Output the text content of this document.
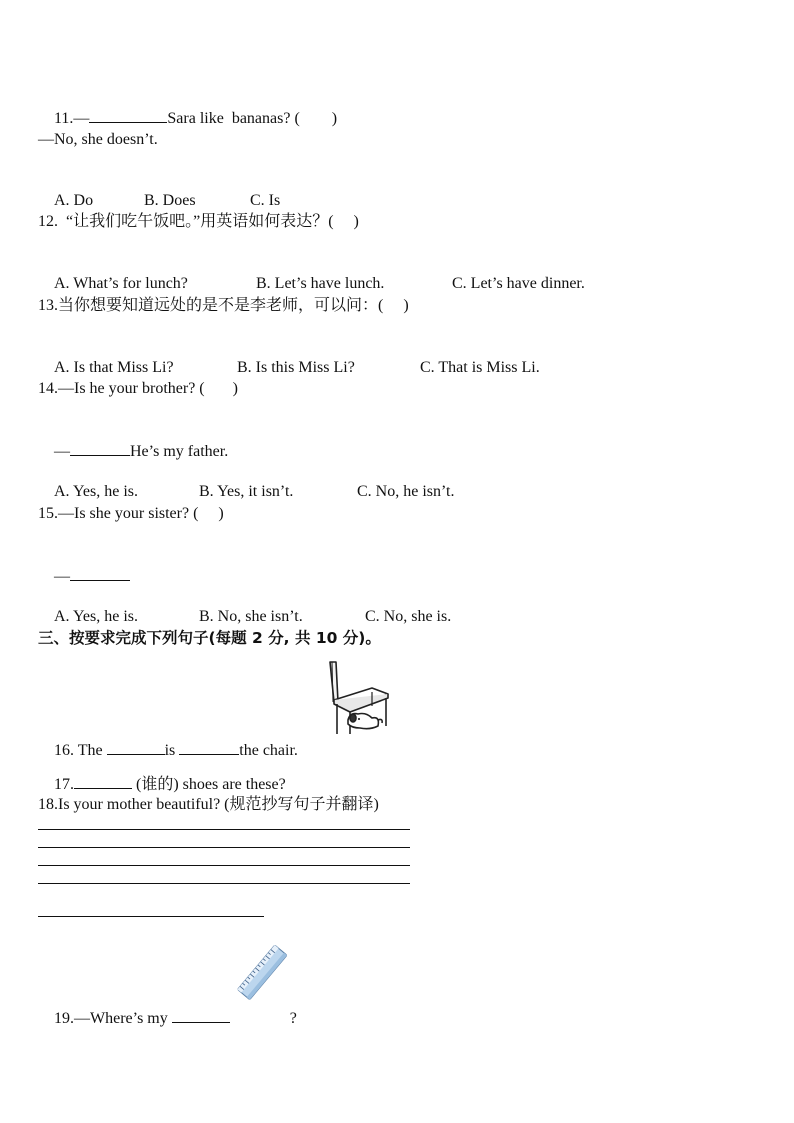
11.—	Sara like  bananas? (        )

—No, she doesn’t.

A. Do	B. Does	C. Is

12.  “让我们吃午饭吧。”用英语如何表达？(     )

A. What’s for lunch?	B. Let’s have lunch.	C. Let’s have dinner.

13.当你想要知道远处的是不是李老师，可以问：(     )

A. Is that Miss Li?	B. Is this Miss Li?	C. That is Miss Li.

14.—Is he your brother? (       )

—	He’s my father.

A. Yes, he is.	B. Yes, it isn’t.	C. No, he isn’t.

15.—Is she your sister? (     )

—

A. Yes, he is.	B. No, she isn’t.	C. No, she is.

三、按要求完成下列句子(每题 2 分, 共 10 分)。

16. The	is	the chair.

17.	(谁的) shoes are these?

18.Is your mother beautiful? (规范抄写句子并翻译)

19.—Where’s my	?
